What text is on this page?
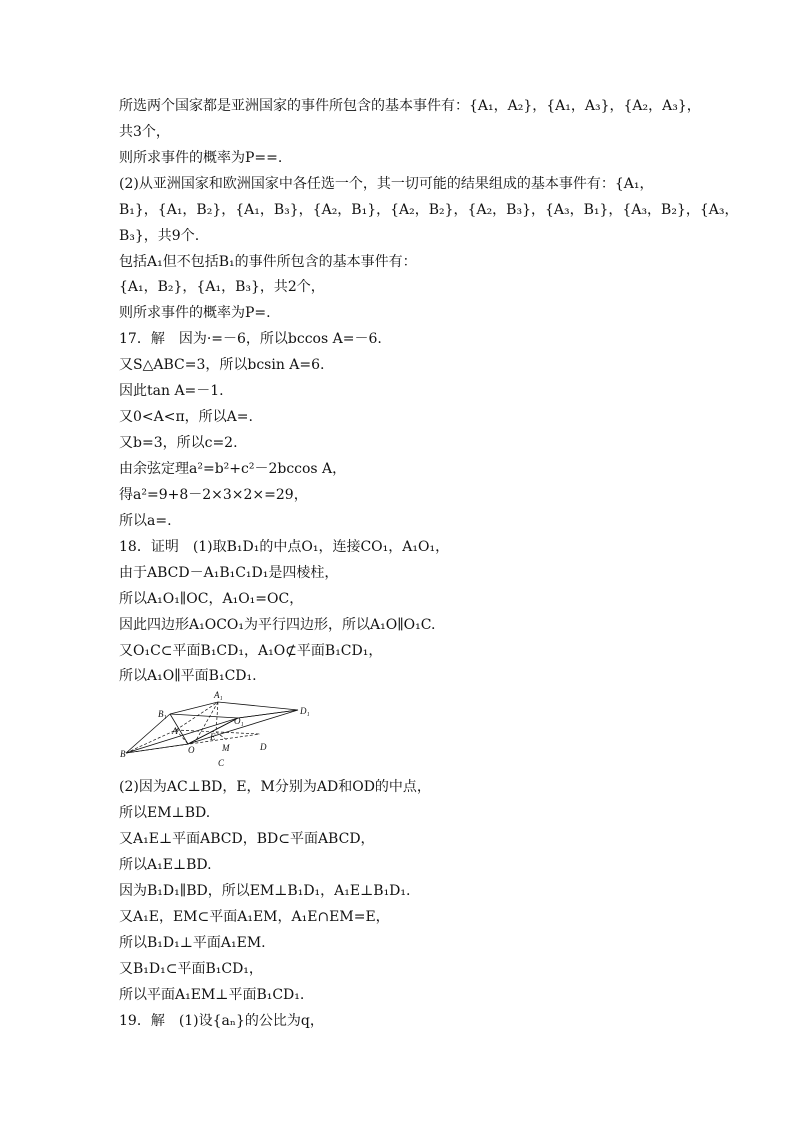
所选两个国家都是亚洲国家的事件所包含的基本事件有：{A₁，A₂}，{A₁，A₃}，{A₂，A₃}，
共3个，
则所求事件的概率为P==.
(2)从亚洲国家和欧洲国家中各任选一个，其一切可能的结果组成的基本事件有：{A₁，
B₁}，{A₁，B₂}，{A₁，B₃}，{A₂，B₁}，{A₂，B₂}，{A₂，B₃}，{A₃，B₁}，{A₃，B₂}，{A₃，
B₃}，共9个.
包括A₁但不包括B₁的事件所包含的基本事件有：
{A₁，B₂}，{A₁，B₃}，共2个，
则所求事件的概率为P=.
17．解　因为·=－6，所以bccos A=－6.
又S△ABC=3，所以bcsin A=6.
因此tan A=－1.
又0<A<π，所以A=.
又b=3，所以c=2.
由余弦定理a²=b²+c²－2bccos A，
得a²=9+8－2×3×2×=29，
所以a=.
18．证明　(1)取B₁D₁的中点O₁，连接CO₁，A₁O₁，
由于ABCD－A₁B₁C₁D₁是四棱柱，
所以A₁O₁∥OC，A₁O₁=OC，
因此四边形A₁OCO₁为平行四边形，所以A₁O∥O₁C.
又O₁C⊂平面B₁CD₁，A₁O⊄平面B₁CD₁，
所以A₁O∥平面B₁CD₁.
A₁
B₁
O₁
D₁
A
E
B	O	M	D
C
(2)因为AC⊥BD，E，M分别为AD和OD的中点，
所以EM⊥BD.
又A₁E⊥平面ABCD，BD⊂平面ABCD，
所以A₁E⊥BD.
因为B₁D₁∥BD，所以EM⊥B₁D₁，A₁E⊥B₁D₁.
又A₁E，EM⊂平面A₁EM，A₁E∩EM=E，
所以B₁D₁⊥平面A₁EM.
又B₁D₁⊂平面B₁CD₁，
所以平面A₁EM⊥平面B₁CD₁.
19．解　(1)设{aₙ}的公比为q，
